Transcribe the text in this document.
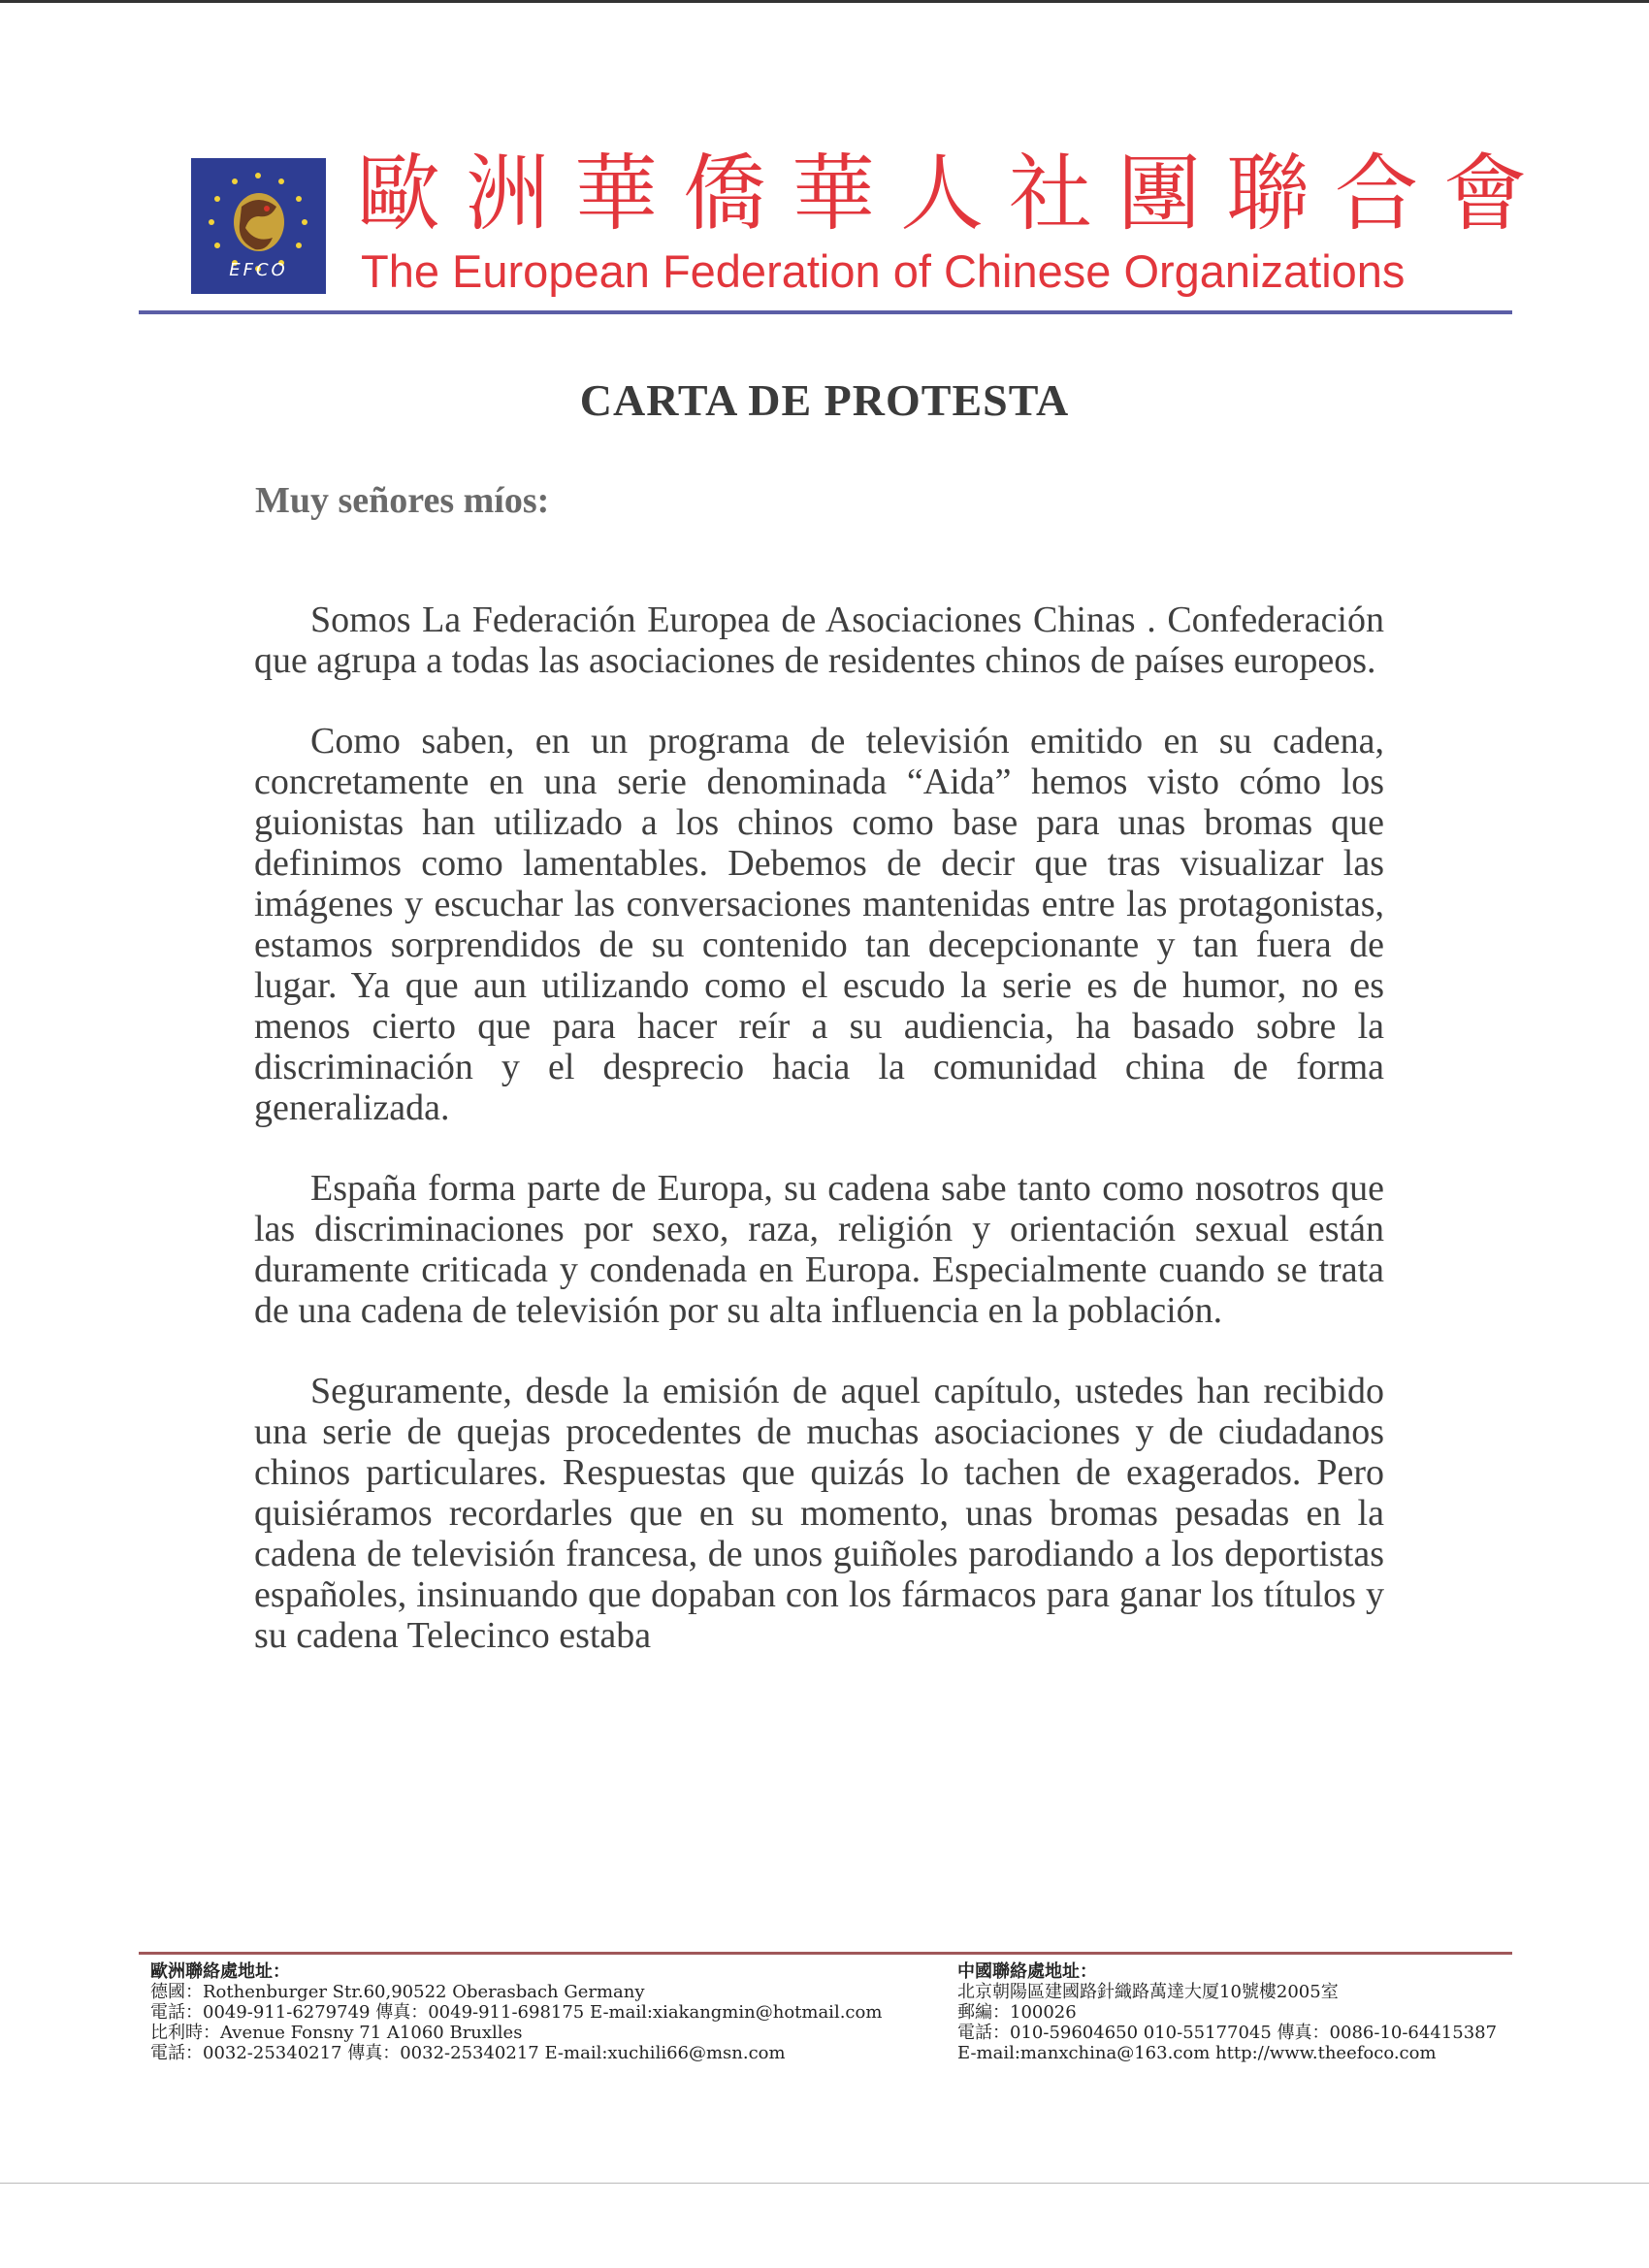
EFCO
歐洲華僑華人社團聯合會
The European Federation of Chinese Organizations
CARTA DE PROTESTA
Muy señores míos:

Somos La Federación Europea de Asociaciones Chinas . Confederación que agrupa a todas las asociaciones de residentes chinos de países europeos.

Como saben, en un programa de televisión emitido en su cadena, concretamente en una serie denominada “Aida” hemos visto cómo los guionistas han utilizado a los chinos como base para unas bromas que definimos como lamentables. Debemos de decir que tras visualizar las imágenes y escuchar las conversaciones mantenidas entre las protagonistas, estamos sorprendidos de su contenido tan decepcionante y tan fuera de lugar. Ya que aun utilizando como el escudo la serie es de humor, no es menos cierto que para hacer reír a su audiencia, ha basado sobre la discriminación y el desprecio hacia la comunidad china de forma generalizada.

España forma parte de Europa, su cadena sabe tanto como nosotros que las discriminaciones por sexo, raza, religión y orientación sexual están duramente criticada y condenada en Europa. Especialmente cuando se trata de una cadena de televisión por su alta influencia en la población.

Seguramente, desde la emisión de aquel capítulo, ustedes han recibido una serie de quejas procedentes de muchas asociaciones y de ciudadanos chinos particulares. Respuestas que quizás lo tachen de exagerados. Pero quisiéramos recordarles que en su momento, unas bromas pesadas en la cadena de televisión francesa, de unos guiñoles parodiando a los deportistas españoles, insinuando que dopaban con los fármacos para ganar los títulos y su cadena Telecinco estaba

歐洲聯絡處地址：
德國：Rothenburger Str.60,90522 Oberasbach Germany
電話：0049-911-6279749 傳真：0049-911-698175 E-mail:xiakangmin@hotmail.com
比利時：Avenue Fonsny 71 A1060 Bruxlles
電話：0032-25340217 傳真：0032-25340217 E-mail:xuchili66@msn.com
中國聯絡處地址：
北京朝陽區建國路針織路萬達大厦10號樓2005室
郵編：100026
電話：010-59604650 010-55177045 傳真：0086-10-64415387
E-mail:manxchina@163.com http://www.theefoco.com
